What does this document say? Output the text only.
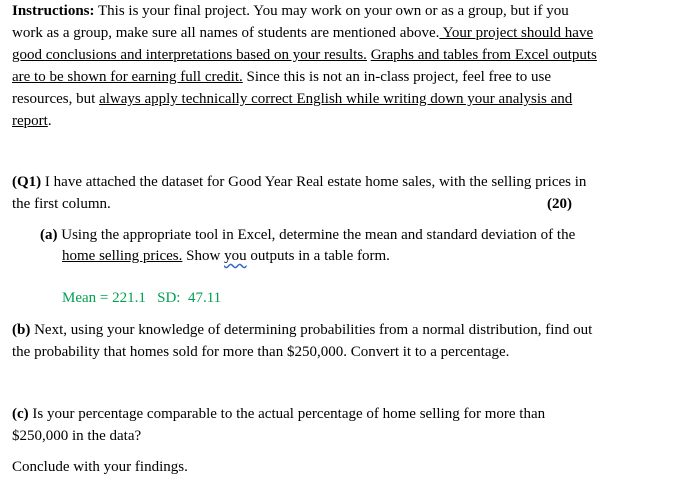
Instructions: This is your final project. You may work on your own or as a group, but if you
work as a group, make sure all names of students are mentioned above. Your project should have
good conclusions and interpretations based on your results. Graphs and tables from Excel outputs
are to be shown for earning full credit. Since this is not an in-class project, feel free to use
resources, but always apply technically correct English while writing down your analysis and
report.
(Q1) I have attached the dataset for Good Year Real estate home sales, with the selling prices in
the first column.	(20)
(a) Using the appropriate tool in Excel, determine the mean and standard deviation of the
home selling prices. Show you outputs in a table form.
Mean = 221.1   SD:  47.11
(b) Next, using your knowledge of determining probabilities from a normal distribution, find out
the probability that homes sold for more than $250,000. Convert it to a percentage.
(c) Is your percentage comparable to the actual percentage of home selling for more than
$250,000 in the data?
Conclude with your findings.
